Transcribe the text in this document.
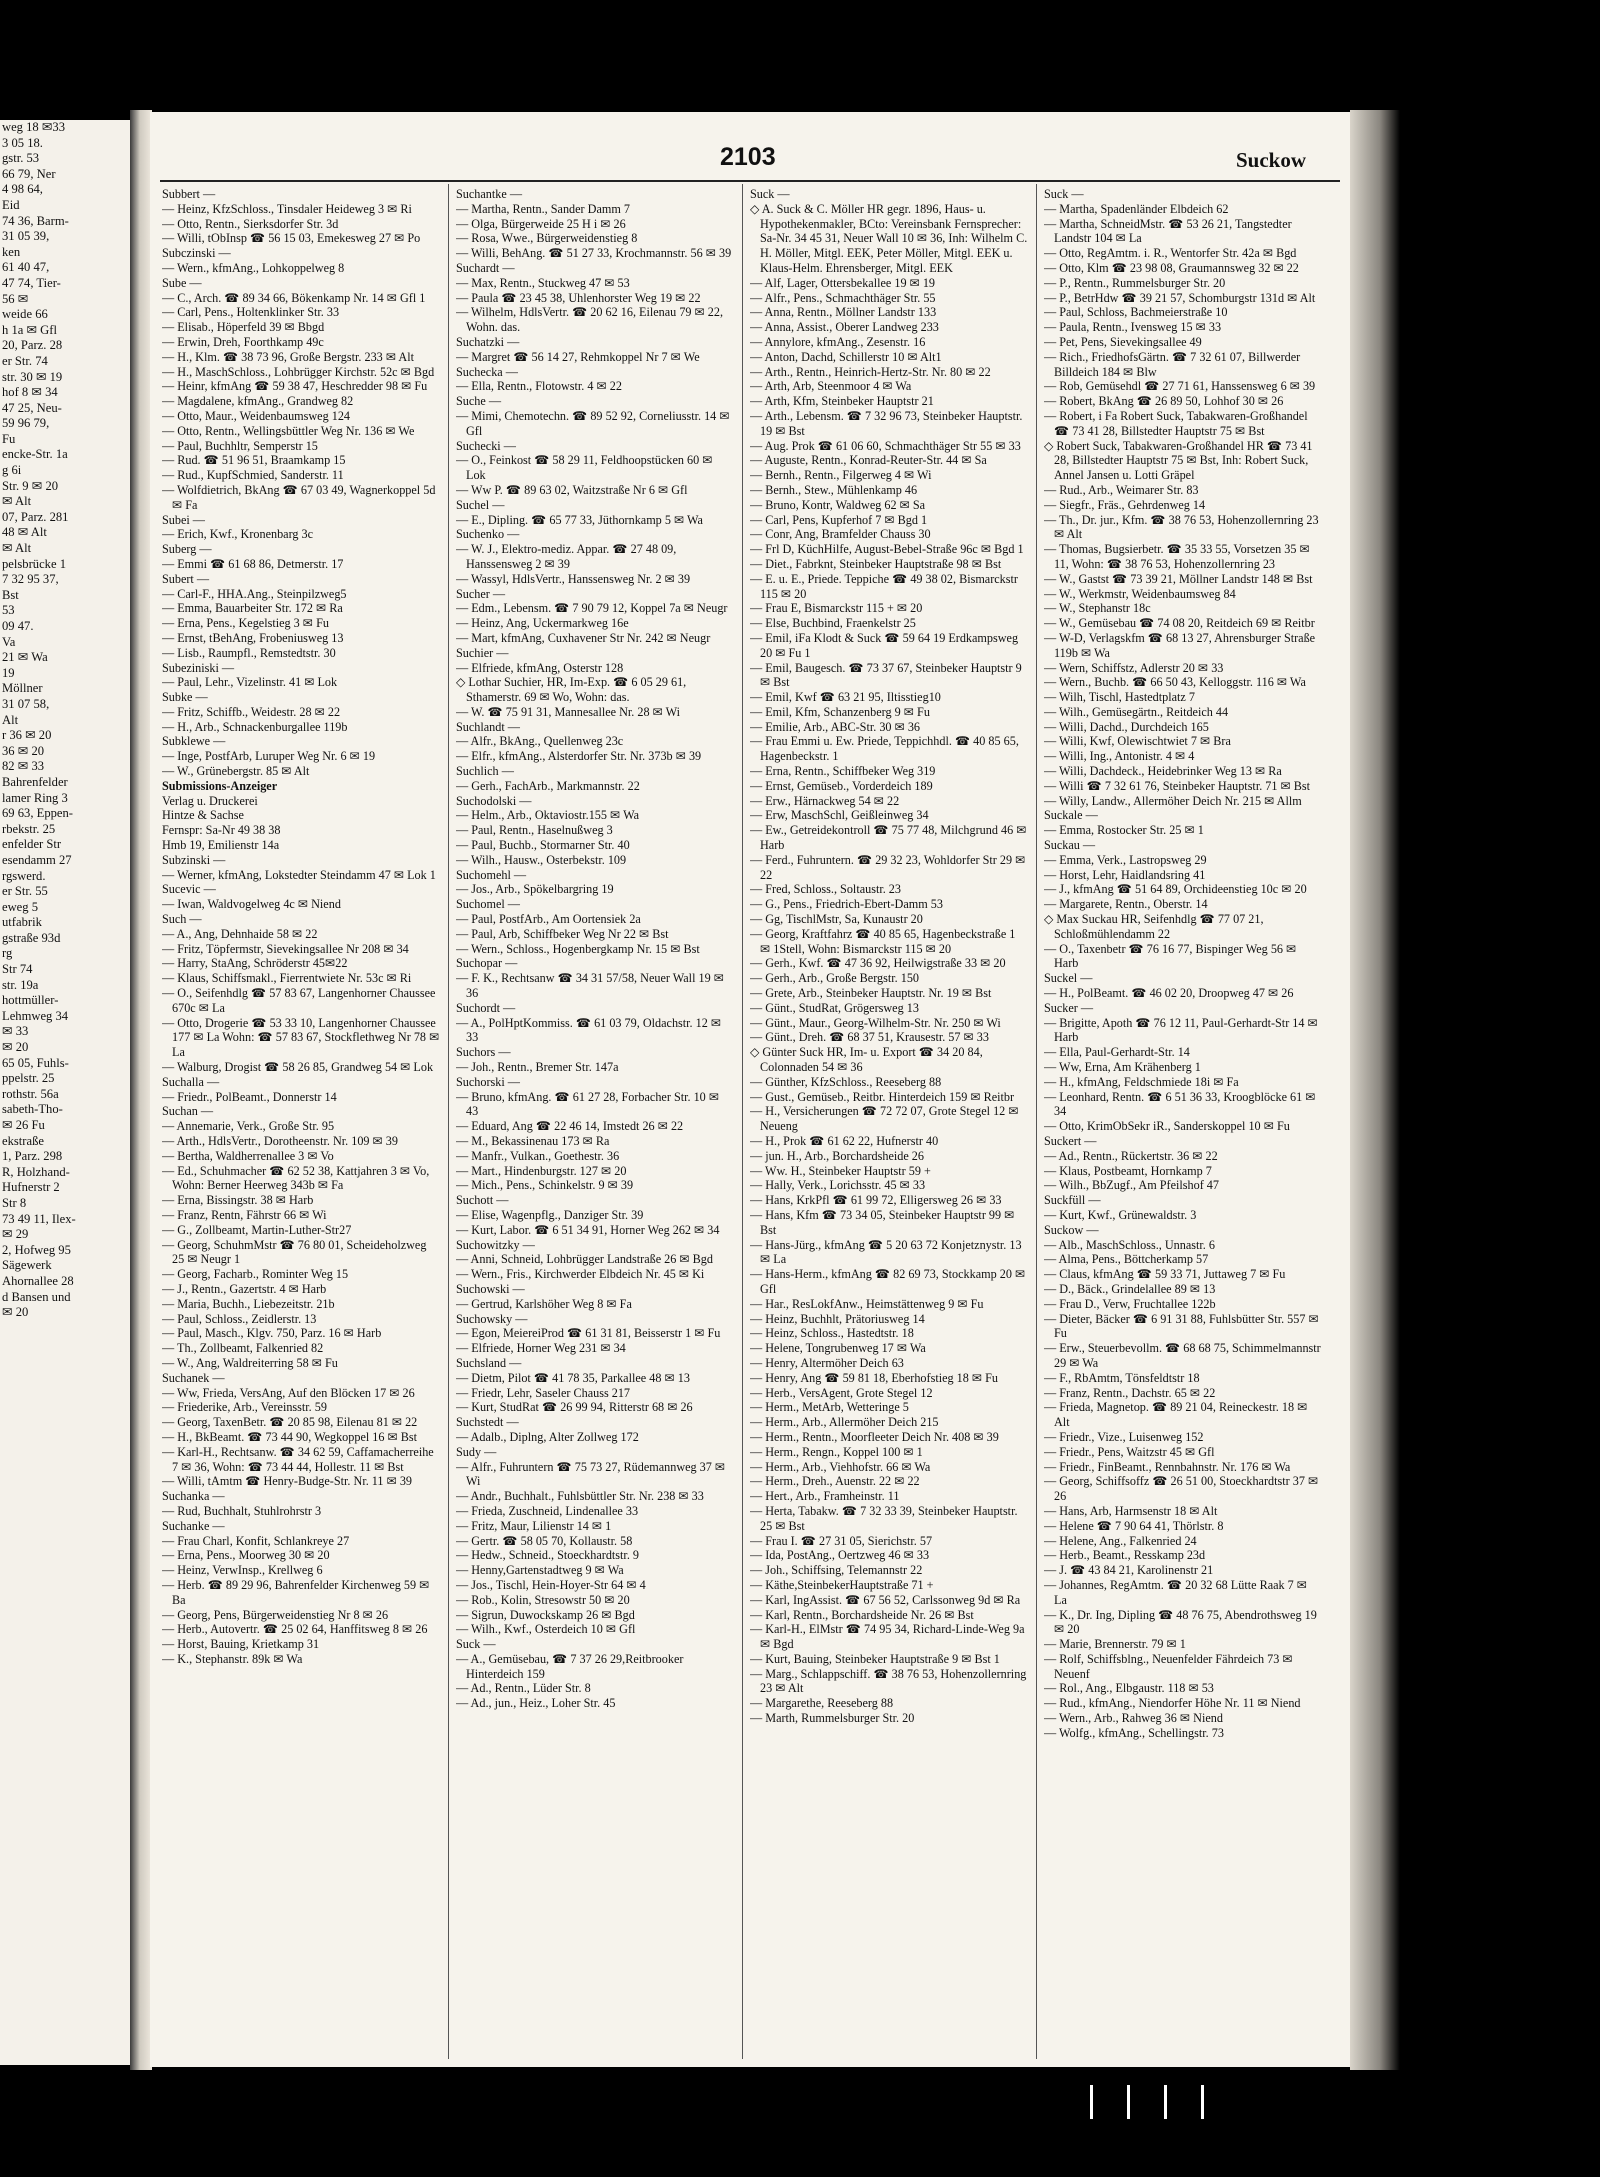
weg 18 ✉33
3 05 18.
gstr. 53
66 79, Ner
4 98 64,
Eid
74 36, Barm-
31 05 39,
ken
61 40 47,
47 74, Tier-
56 ✉
weide 66
h 1a ✉ Gfl
20, Parz. 28
er Str. 74
str. 30 ✉ 19
hof 8 ✉ 34
47 25, Neu-
59 96 79,
Fu
encke-Str. 1a
g 6i
Str. 9 ✉ 20
✉ Alt
07, Parz. 281
48 ✉ Alt
✉ Alt
pelsbrücke 1
7 32 95 37,
Bst
53
09 47.
Va
21 ✉ Wa
19
Möllner
31 07 58,
Alt
r 36 ✉ 20
36 ✉ 20
82 ✉ 33
Bahrenfelder
lamer Ring 3
69 63, Eppen-
rbekstr. 25
enfelder Str
esendamm 27
rgswerd.
er Str. 55
eweg 5
utfabrik
gstraße 93d
rg
Str 74
str. 19a
hottmüller-
Lehmweg 34
✉ 33
✉ 20
65 05, Fuhls-
ppelstr. 25
rothstr. 56a
sabeth-Tho-
✉ 26 Fu
ekstraße
1, Parz. 298
R, Holzhand-
Hufnerstr 2
Str 8
73 49 11, Ilex-
✉ 29
2, Hofweg 95
Sägewerk
Ahornallee 28
d Bansen und
✉ 20
2103	Suckow
Subbert —
— Heinz, KfzSchloss., Tinsdaler Heideweg 3 ✉ Ri
— Otto, Rentn., Sierksdorfer Str. 3d
— Willi, tObInsp ☎ 56 15 03, Emekesweg 27 ✉ Po
Subczinski —
— Wern., kfmAng., Lohkoppelweg 8
Sube —
— C., Arch. ☎ 89 34 66, Bökenkamp Nr. 14 ✉ Gfl 1
— Carl, Pens., Holtenklinker Str. 33
— Elisab., Höperfeld 39 ✉ Bbgd
— Erwin, Dreh, Foorthkamp 49c
— H., Klm. ☎ 38 73 96, Große Bergstr. 233 ✉ Alt
— H., MaschSchloss., Lohbrügger Kirchstr. 52c ✉ Bgd
— Heinr, kfmAng ☎ 59 38 47, Heschredder 98 ✉ Fu
— Magdalene, kfmAng., Grandweg 82
— Otto, Maur., Weidenbaumsweg 124
— Otto, Rentn., Wellingsbüttler Weg Nr. 136 ✉ We
— Paul, Buchhltr, Semperstr 15
— Rud. ☎ 51 96 51, Braamkamp 15
— Rud., KupfSchmied, Sanderstr. 11
— Wolfdietrich, BkAng ☎ 67 03 49, Wagnerkoppel 5d ✉ Fa
Subei —
— Erich, Kwf., Kronenbarg 3c
Suberg —
— Emmi ☎ 61 68 86, Detmerstr. 17
Subert —
— Carl-F., HHA.Ang., Steinpilzweg5
— Emma, Bauarbeiter Str. 172 ✉ Ra
— Erna, Pens., Kegelstieg 3 ✉ Fu
— Ernst, tBehAng, Frobeniusweg 13
— Lisb., Raumpfl., Remstedtstr. 30
Subeziniski —
— Paul, Lehr., Vizelinstr. 41 ✉ Lok
Subke —
— Fritz, Schiffb., Weidestr. 28 ✉ 22
— H., Arb., Schnackenburgallee 119b
Subklewe —
— Inge, PostfArb, Luruper Weg Nr. 6 ✉ 19
— W., Grünebergstr. 85 ✉ Alt
Submissions-Anzeiger
Verlag u. Druckerei
Hintze & Sachse
Fernspr: Sa-Nr 49 38 38
Hmb 19, Emilienstr 14a
Subzinski —
— Werner, kfmAng, Lokstedter Steindamm 47 ✉ Lok 1
Sucevic —
— Iwan, Waldvogelweg 4c ✉ Niend
Such —
— A., Ang, Dehnhaide 58 ✉ 22
— Fritz, Töpfermstr, Sievekingsallee Nr 208 ✉ 34
— Harry, StaAng, Schröderstr 45✉22
— Klaus, Schiffsmakl., Fierrentwiete Nr. 53c ✉ Ri
— O., Seifenhdlg ☎ 57 83 67, Langenhorner Chaussee 670c ✉ La
— Otto, Drogerie ☎ 53 33 10, Langenhorner Chaussee 177 ✉ La Wohn: ☎ 57 83 67, Stockflethweg Nr 78 ✉ La
— Walburg, Drogist ☎ 58 26 85, Grandweg 54 ✉ Lok
Suchalla —
— Friedr., PolBeamt., Donnerstr 14
Suchan —
— Annemarie, Verk., Große Str. 95
— Arth., HdlsVertr., Dorotheenstr. Nr. 109 ✉ 39
— Bertha, Waldherrenallee 3 ✉ Vo
— Ed., Schuhmacher ☎ 62 52 38, Kattjahren 3 ✉ Vo, Wohn: Berner Heerweg 343b ✉ Fa
— Erna, Bissingstr. 38 ✉ Harb
— Franz, Rentn, Fährstr 66 ✉ Wi
— G., Zollbeamt, Martin-Luther-Str27
— Georg, SchuhmMstr ☎ 76 80 01, Scheideholzweg 25 ✉ Neugr 1
— Georg, Facharb., Rominter Weg 15
— J., Rentn., Gazertstr. 4 ✉ Harb
— Maria, Buchh., Liebezeitstr. 21b
— Paul, Schloss., Zeidlerstr. 13
— Paul, Masch., Klgv. 750, Parz. 16 ✉ Harb
— Th., Zollbeamt, Falkenried 82
— W., Ang, Waldreiterring 58 ✉ Fu
Suchanek —
— Ww, Frieda, VersAng, Auf den Blöcken 17 ✉ 26
— Friederike, Arb., Vereinsstr. 59
— Georg, TaxenBetr. ☎ 20 85 98, Eilenau 81 ✉ 22
— H., BkBeamt. ☎ 73 44 90, Wegkoppel 16 ✉ Bst
— Karl-H., Rechtsanw. ☎ 34 62 59, Caffamacherreihe 7 ✉ 36, Wohn: ☎ 73 44 44, Hollestr. 11 ✉ Bst
— Willi, tAmtm ☎ Henry-Budge-Str. Nr. 11 ✉ 39
Suchanka —
— Rud, Buchhalt, Stuhlrohrstr 3
Suchanke —
— Frau Charl, Konfit, Schlankreye 27
— Erna, Pens., Moorweg 30 ✉ 20
— Heinz, VerwInsp., Krellweg 6
— Herb. ☎ 89 29 96, Bahrenfelder Kirchenweg 59 ✉ Ba
— Georg, Pens, Bürgerweidenstieg Nr 8 ✉ 26
— Herb., Autovertr. ☎ 25 02 64, Hanffitsweg 8 ✉ 26
— Horst, Bauing, Krietkamp 31
— K., Stephanstr. 89k ✉ Wa
Suchantke —
— Martha, Rentn., Sander Damm 7
— Olga, Bürgerweide 25 H i ✉ 26
— Rosa, Wwe., Bürgerweidenstieg 8
— Willi, BehAng. ☎ 51 27 33, Krochmannstr. 56 ✉ 39
Suchardt —
— Max, Rentn., Stuckweg 47 ✉ 53
— Paula ☎ 23 45 38, Uhlenhorster Weg 19 ✉ 22
— Wilhelm, HdlsVertr. ☎ 20 62 16, Eilenau 79 ✉ 22, Wohn. das.
Suchatzki —
— Margret ☎ 56 14 27, Rehmkoppel Nr 7 ✉ We
Suchecka —
— Ella, Rentn., Flotowstr. 4 ✉ 22
Suche —
— Mimi, Chemotechn. ☎ 89 52 92, Corneliusstr. 14 ✉ Gfl
Suchecki —
— O., Feinkost ☎ 58 29 11, Feldhoopstücken 60 ✉ Lok
— Ww P. ☎ 89 63 02, Waitzstraße Nr 6 ✉ Gfl
Suchel —
— E., Dipling. ☎ 65 77 33, Jüthornkamp 5 ✉ Wa
Suchenko —
— W. J., Elektro-mediz. Appar. ☎ 27 48 09, Hanssensweg 2 ✉ 39
— Wassyl, HdlsVertr., Hanssensweg Nr. 2 ✉ 39
Sucher —
— Edm., Lebensm. ☎ 7 90 79 12, Koppel 7a ✉ Neugr
— Heinz, Ang, Uckermarkweg 16e
— Mart, kfmAng, Cuxhavener Str Nr. 242 ✉ Neugr
Suchier —
— Elfriede, kfmAng, Osterstr 128
◇ Lothar Suchier, HR, Im-Exp. ☎ 6 05 29 61, Sthamerstr. 69 ✉ Wo, Wohn: das.
— W. ☎ 75 91 31, Mannesallee Nr. 28 ✉ Wi
Suchlandt —
— Alfr., BkAng., Quellenweg 23c
— Elfr., kfmAng., Alsterdorfer Str. Nr. 373b ✉ 39
Suchlich —
— Gerh., FachArb., Markmannstr. 22
Suchodolski —
— Helm., Arb., Oktaviostr.155 ✉ Wa
— Paul, Rentn., Haselnußweg 3
— Paul, Buchb., Stormarner Str. 40
— Wilh., Hausw., Osterbekstr. 109
Suchomehl —
— Jos., Arb., Spökelbargring 19
Suchomel —
— Paul, PostfArb., Am Oortensiek 2a
— Paul, Arb, Schiffbeker Weg Nr 22 ✉ Bst
— Wern., Schloss., Hogenbergkamp Nr. 15 ✉ Bst
Suchopar —
— F. K., Rechtsanw ☎ 34 31 57/58, Neuer Wall 19 ✉ 36
Suchordt —
— A., PolHptKommiss. ☎ 61 03 79, Oldachstr. 12 ✉ 33
Suchors —
— Joh., Rentn., Bremer Str. 147a
Suchorski —
— Bruno, kfmAng. ☎ 61 27 28, Forbacher Str. 10 ✉ 43
— Eduard, Ang ☎ 22 46 14, Imstedt 26 ✉ 22
— M., Bekassinenau 173 ✉ Ra
— Manfr., Vulkan., Goethestr. 36
— Mart., Hindenburgstr. 127 ✉ 20
— Mich., Pens., Schinkelstr. 9 ✉ 39
Suchott —
— Elise, Wagenpflg., Danziger Str. 39
— Kurt, Labor. ☎ 6 51 34 91, Horner Weg 262 ✉ 34
Suchowitzky —
— Anni, Schneid, Lohbrügger Landstraße 26 ✉ Bgd
— Wern., Fris., Kirchwerder Elbdeich Nr. 45 ✉ Ki
Suchowski —
— Gertrud, Karlshöher Weg 8 ✉ Fa
Suchowsky —
— Egon, MeiereiProd ☎ 61 31 81, Beisserstr 1 ✉ Fu
— Elfriede, Horner Weg 231 ✉ 34
Suchsland —
— Dietm, Pilot ☎ 41 78 35, Parkallee 48 ✉ 13
— Friedr, Lehr, Saseler Chauss 217
— Kurt, StudRat ☎ 26 99 94, Ritterstr 68 ✉ 26
Suchstedt —
— Adalb., Diplng, Alter Zollweg 172
Sudy —
— Alfr., Fuhruntern ☎ 75 73 27, Rüdemannweg 37 ✉ Wi
— Andr., Buchhalt., Fuhlsbüttler Str. Nr. 238 ✉ 33
— Frieda, Zuschneid, Lindenallee 33
— Fritz, Maur, Lilienstr 14 ✉ 1
— Gertr. ☎ 58 05 70, Kollaustr. 58
— Hedw., Schneid., Stoeckhardtstr. 9
— Henny,Gartenstadtweg 9 ✉ Wa
— Jos., Tischl, Hein-Hoyer-Str 64 ✉ 4
— Rob., Kolin, Stresowstr 50 ✉ 20
— Sigrun, Duwockskamp 26 ✉ Bgd
— Wilh., Kwf., Osterdeich 10 ✉ Gfl
Suck —
— A., Gemüsebau, ☎ 7 37 26 29,Reitbrooker Hinterdeich 159
— Ad., Rentn., Lüder Str. 8
— Ad., jun., Heiz., Loher Str. 45
Suck —
◇ A. Suck & C. Möller HR gegr. 1896, Haus- u. Hypothekenmakler, BCto: Vereinsbank Fernsprecher: Sa-Nr. 34 45 31, Neuer Wall 10 ✉ 36, Inh: Wilhelm C. H. Möller, Mitgl. EEK, Peter Möller, Mitgl. EEK u. Klaus-Helm. Ehrensberger, Mitgl. EEK
— Alf, Lager, Ottersbekallee 19 ✉ 19
— Alfr., Pens., Schmachthäger Str. 55
— Anna, Rentn., Möllner Landstr 133
— Anna, Assist., Oberer Landweg 233
— Annylore, kfmAng., Zesenstr. 16
— Anton, Dachd, Schillerstr 10 ✉ Alt1
— Arth., Rentn., Heinrich-Hertz-Str. Nr. 80 ✉ 22
— Arth, Arb, Steenmoor 4 ✉ Wa
— Arth, Kfm, Steinbeker Hauptstr 21
— Arth., Lebensm. ☎ 7 32 96 73, Steinbeker Hauptstr. 19 ✉ Bst
— Aug. Prok ☎ 61 06 60, Schmachthäger Str 55 ✉ 33
— Auguste, Rentn., Konrad-Reuter-Str. 44 ✉ Sa
— Bernh., Rentn., Filgerweg 4 ✉ Wi
— Bernh., Stew., Mühlenkamp 46
— Bruno, Kontr, Waldweg 62 ✉ Sa
— Carl, Pens, Kupferhof 7 ✉ Bgd 1
— Conr, Ang, Bramfelder Chauss 30
— Frl D, KüchHilfe, August-Bebel-Straße 96c ✉ Bgd 1
— Diet., Fabrknt, Steinbeker Hauptstraße 98 ✉ Bst
— E. u. E., Priede. Teppiche ☎ 49 38 02, Bismarckstr 115 ✉ 20
— Frau E, Bismarckstr 115 + ✉ 20
— Else, Buchbind, Fraenkelstr 25
— Emil, iFa Klodt & Suck ☎ 59 64 19 Erdkampsweg 20 ✉ Fu 1
— Emil, Baugesch. ☎ 73 37 67, Steinbeker Hauptstr 9 ✉ Bst
— Emil, Kwf ☎ 63 21 95, Iltisstieg10
— Emil, Kfm, Schanzenberg 9 ✉ Fu
— Emilie, Arb., ABC-Str. 30 ✉ 36
— Frau Emmi u. Ew. Priede, Teppichhdl. ☎ 40 85 65, Hagenbeckstr. 1
— Erna, Rentn., Schiffbeker Weg 319
— Ernst, Gemüseb., Vorderdeich 189
— Erw., Härnackweg 54 ✉ 22
— Erw, MaschSchl, Geißleinweg 34
— Ew., Getreidekontroll ☎ 75 77 48, Milchgrund 46 ✉ Harb
— Ferd., Fuhruntern. ☎ 29 32 23, Wohldorfer Str 29 ✉ 22
— Fred, Schloss., Soltaustr. 23
— G., Pens., Friedrich-Ebert-Damm 53
— Gg, TischlMstr, Sa, Kunaustr 20
— Georg, Kraftfahrz ☎ 40 85 65, Hagenbeckstraße 1 ✉ 1Stell, Wohn: Bismarckstr 115 ✉ 20
— Gerh., Kwf. ☎ 47 36 92, Heilwigstraße 33 ✉ 20
— Gerh., Arb., Große Bergstr. 150
— Grete, Arb., Steinbeker Hauptstr. Nr. 19 ✉ Bst
— Günt., StudRat, Grögersweg 13
— Günt., Maur., Georg-Wilhelm-Str. Nr. 250 ✉ Wi
— Günt., Dreh. ☎ 68 37 51, Krausestr. 57 ✉ 33
◇ Günter Suck HR, Im- u. Export ☎ 34 20 84, Colonnaden 54 ✉ 36
— Günther, KfzSchloss., Reeseberg 88
— Gust., Gemüseb., Reitbr. Hinterdeich 159 ✉ Reitbr
— H., Versicherungen ☎ 72 72 07, Grote Stegel 12 ✉ Neueng
— H., Prok ☎ 61 62 22, Hufnerstr 40
— jun. H., Arb., Borchardsheide 26
— Ww. H., Steinbeker Hauptstr 59 +
— Hally, Verk., Lorichsstr. 45 ✉ 33
— Hans, KrkPfl ☎ 61 99 72, Elligersweg 26 ✉ 33
— Hans, Kfm ☎ 73 34 05, Steinbeker Hauptstr 99 ✉ Bst
— Hans-Jürg., kfmAng ☎ 5 20 63 72 Konjetznystr. 13 ✉ La
— Hans-Herm., kfmAng ☎ 82 69 73, Stockkamp 20 ✉ Gfl
— Har., ResLokfAnw., Heimstättenweg 9 ✉ Fu
— Heinz, Buchhlt, Prätoriusweg 14
— Heinz, Schloss., Hastedtstr. 18
— Helene, Tongrubenweg 17 ✉ Wa
— Henry, Altermöher Deich 63
— Henry, Ang ☎ 59 81 18, Eberhofstieg 18 ✉ Fu
— Herb., VersAgent, Grote Stegel 12
— Herm., MetArb, Wetteringe 5
— Herm., Arb., Allermöher Deich 215
— Herm., Rentn., Moorfleeter Deich Nr. 408 ✉ 39
— Herm., Rengn., Koppel 100 ✉ 1
— Herm., Arb., Viehhofstr. 66 ✉ Wa
— Herm., Dreh., Auenstr. 22 ✉ 22
— Hert., Arb., Framheinstr. 11
— Herta, Tabakw. ☎ 7 32 33 39, Steinbeker Hauptstr. 25 ✉ Bst
— Frau I. ☎ 27 31 05, Sierichstr. 57
— Ida, PostAng., Oertzweg 46 ✉ 33
— Joh., Schiffsing, Telemannstr 22
— Käthe,SteinbekerHauptstraße 71 +
— Karl, IngAssist. ☎ 67 56 52, Carlssonweg 9d ✉ Ra
— Karl, Rentn., Borchardsheide Nr. 26 ✉ Bst
— Karl-H., ElMstr ☎ 74 95 34, Richard-Linde-Weg 9a ✉ Bgd
— Kurt, Bauing, Steinbeker Hauptstraße 9 ✉ Bst 1
— Marg., Schlappschiff. ☎ 38 76 53, Hohenzollernring 23 ✉ Alt
— Margarethe, Reeseberg 88
— Marth, Rummelsburger Str. 20
Suck —
— Martha, Spadenländer Elbdeich 62
— Martha, SchneidMstr. ☎ 53 26 21, Tangstedter Landstr 104 ✉ La
— Otto, RegAmtm. i. R., Wentorfer Str. 42a ✉ Bgd
— Otto, Klm ☎ 23 98 08, Graumannsweg 32 ✉ 22
— P., Rentn., Rummelsburger Str. 20
— P., BetrHdw ☎ 39 21 57, Schomburgstr 131d ✉ Alt
— Paul, Schloss, Bachmeierstraße 10
— Paula, Rentn., Ivensweg 15 ✉ 33
— Pet, Pens, Sievekingsallee 49
— Rich., FriedhofsGärtn. ☎ 7 32 61 07, Billwerder Billdeich 184 ✉ Blw
— Rob, Gemüsehdl ☎ 27 71 61, Hanssensweg 6 ✉ 39
— Robert, BkAng ☎ 26 89 50, Lohhof 30 ✉ 26
— Robert, i Fa Robert Suck, Tabakwaren-Großhandel ☎ 73 41 28, Billstedter Hauptstr 75 ✉ Bst
◇ Robert Suck, Tabakwaren-Großhandel HR ☎ 73 41 28, Billstedter Hauptstr 75 ✉ Bst, Inh: Robert Suck, Annel Jansen u. Lotti Gräpel
— Rud., Arb., Weimarer Str. 83
— Siegfr., Fräs., Gehrdenweg 14
— Th., Dr. jur., Kfm. ☎ 38 76 53, Hohenzollernring 23 ✉ Alt
— Thomas, Bugsierbetr. ☎ 35 33 55, Vorsetzen 35 ✉ 11, Wohn: ☎ 38 76 53, Hohenzollernring 23
— W., Gastst ☎ 73 39 21, Möllner Landstr 148 ✉ Bst
— W., Werkmstr, Weidenbaumsweg 84
— W., Stephanstr 18c
— W., Gemüsebau ☎ 74 08 20, Reitdeich 69 ✉ Reitbr
— W-D, Verlagskfm ☎ 68 13 27, Ahrensburger Straße 119b ✉ Wa
— Wern, Schiffstz, Adlerstr 20 ✉ 33
— Wern., Buchb. ☎ 66 50 43, Kelloggstr. 116 ✉ Wa
— Wilh, Tischl, Hastedtplatz 7
— Wilh., Gemüsegärtn., Reitdeich 44
— Willi, Dachd., Durchdeich 165
— Willi, Kwf, Olewischtwiet 7 ✉ Bra
— Willi, Ing., Antonistr. 4 ✉ 4
— Willi, Dachdeck., Heidebrinker Weg 13 ✉ Ra
— Willi ☎ 7 32 61 76, Steinbeker Hauptstr. 71 ✉ Bst
— Willy, Landw., Allermöher Deich Nr. 215 ✉ Allm
Suckale —
— Emma, Rostocker Str. 25 ✉ 1
Suckau —
— Emma, Verk., Lastropsweg 29
— Horst, Lehr, Haidlandsring 41
— J., kfmAng ☎ 51 64 89, Orchideenstieg 10c ✉ 20
— Margarete, Rentn., Oberstr. 14
◇ Max Suckau HR, Seifenhdlg ☎ 77 07 21, Schloßmühlendamm 22
— O., Taxenbetr ☎ 76 16 77, Bispinger Weg 56 ✉ Harb
Suckel —
— H., PolBeamt. ☎ 46 02 20, Droopweg 47 ✉ 26
Sucker —
— Brigitte, Apoth ☎ 76 12 11, Paul-Gerhardt-Str 14 ✉ Harb
— Ella, Paul-Gerhardt-Str. 14
— Ww, Erna, Am Krähenberg 1
— H., kfmAng, Feldschmiede 18i ✉ Fa
— Leonhard, Rentn. ☎ 6 51 36 33, Kroogblöcke 61 ✉ 34
— Otto, KrimObSekr iR., Sanderskoppel 10 ✉ Fu
Suckert —
— Ad., Rentn., Rückertstr. 36 ✉ 22
— Klaus, Postbeamt, Hornkamp 7
— Wilh., BbZugf., Am Pfeilshof 47
Suckfüll —
— Kurt, Kwf., Grünewaldstr. 3
Suckow —
— Alb., MaschSchloss., Unnastr. 6
— Alma, Pens., Böttcherkamp 57
— Claus, kfmAng ☎ 59 33 71, Juttaweg 7 ✉ Fu
— D., Bäck., Grindelallee 89 ✉ 13
— Frau D., Verw, Fruchtallee 122b
— Dieter, Bäcker ☎ 6 91 31 88, Fuhlsbütter Str. 557 ✉ Fu
— Erw., Steuerbevollm. ☎ 68 68 75, Schimmelmannstr 29 ✉ Wa
— F., RbAmtm, Tönsfeldtstr 18
— Franz, Rentn., Dachstr. 65 ✉ 22
— Frieda, Magnetop. ☎ 89 21 04, Reineckestr. 18 ✉ Alt
— Friedr., Vize., Luisenweg 152
— Friedr., Pens, Waitzstr 45 ✉ Gfl
— Friedr., FinBeamt., Rennbahnstr. Nr. 176 ✉ Wa
— Georg, Schiffsoffz ☎ 26 51 00, Stoeckhardtstr 37 ✉ 26
— Hans, Arb, Harmsenstr 18 ✉ Alt
— Helene ☎ 7 90 64 41, Thörlstr. 8
— Helene, Ang., Falkenried 24
— Herb., Beamt., Resskamp 23d
— J. ☎ 43 84 21, Karolinenstr 21
— Johannes, RegAmtm. ☎ 20 32 68 Lütte Raak 7 ✉ La
— K., Dr. Ing, Dipling ☎ 48 76 75, Abendrothsweg 19 ✉ 20
— Marie, Brennerstr. 79 ✉ 1
— Rolf, Schiffsblng., Neuenfelder Fährdeich 73 ✉ Neuenf
— Rol., Ang., Elbgaustr. 118 ✉ 53
— Rud., kfmAng., Niendorfer Höhe Nr. 11 ✉ Niend
— Wern., Arb., Rahweg 36 ✉ Niend
— Wolfg., kfmAng., Schellingstr. 73
